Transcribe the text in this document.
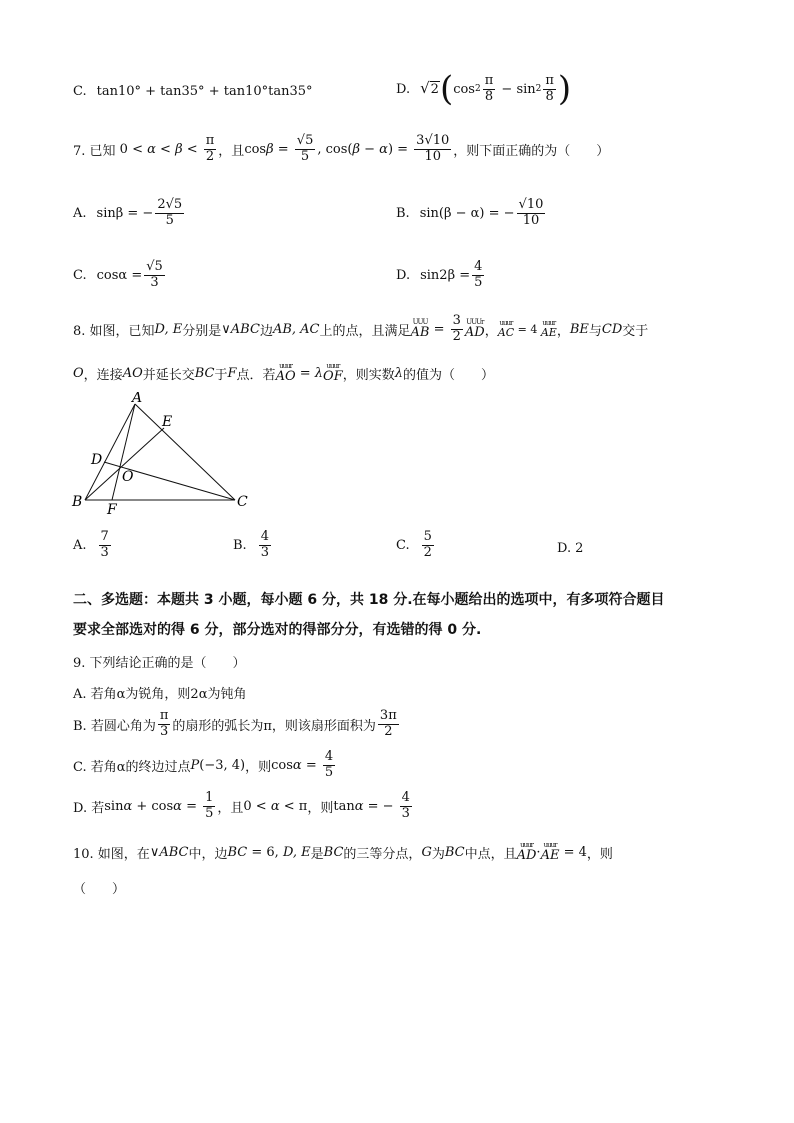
C. tan10° + tan35° + tan10°tan35°	D. √ 2 ( $\cos 2 \frac{\pi}{8} - \sin 2 \frac{\pi}{8}$ )
7. 已知 $0 < \alpha < \beta < \frac{\pi}{2}$ ，且 $\cos\beta = \frac{√5}{5}$ , $\cos(\beta - \alpha) = \frac{3√10}{10}$ ，则下面正确的为（　　）
A. sinβ = − $\frac{2√5}{5}$	B. sin(β − α) = − $\frac{√10}{10}$
C. $\cos\alpha = \frac{√5}{3}$	D. $\sin 2\beta = \frac{4}{5}$
8. 如图，已知 D, E 分别是 ∨ABC 边 AB, AC 上的点，且满足
UUU
AB = $\frac{3}{2}$ UUUr
AD ，
uuur
AC = 4 uuur
AE ， BE 与 CD 交于
O ，连接 AO 并延长交 BC 于 F 点．若
uuur
AO = λ uuur
OF ，则实数 λ 的值为（　　）
A
E
D
O
B F	C
A. $\frac{7}{3}$	B. $\frac{4}{3}$	C. $\frac{5}{2}$	D. 2
二、多选题：本题共 3 小题，每小题 6 分，共 18 分.在每小题给出的选项中，有多项符合题目
要求全部选对的得 6 分，部分选对的得部分分，有选错的得 0 分.
9. 下列结论正确的是（　　）
A. 若角α为锐角，则2α为钝角
B. 若圆心角为 $\frac{\pi}{3}$ 的扇形的弧长为π，则该扇形面积为 $\frac{3\pi}{2}$
C. 若角α的终边过点 P(−3, 4) ，则 $\cos\alpha = \frac{4}{5}$
D. 若 $\sin\alpha + \cos\alpha = \frac{1}{5}$ ，且 0 < α < π ，则 tanα = − $\frac{4}{3}$
10. 如图，在 ∨ABC 中，边 BC = 6, D, E 是 BC 的三等分点， G 为 BC 中点，且
uuur
AD · uuur
AE = 4 ，则
（　　）
